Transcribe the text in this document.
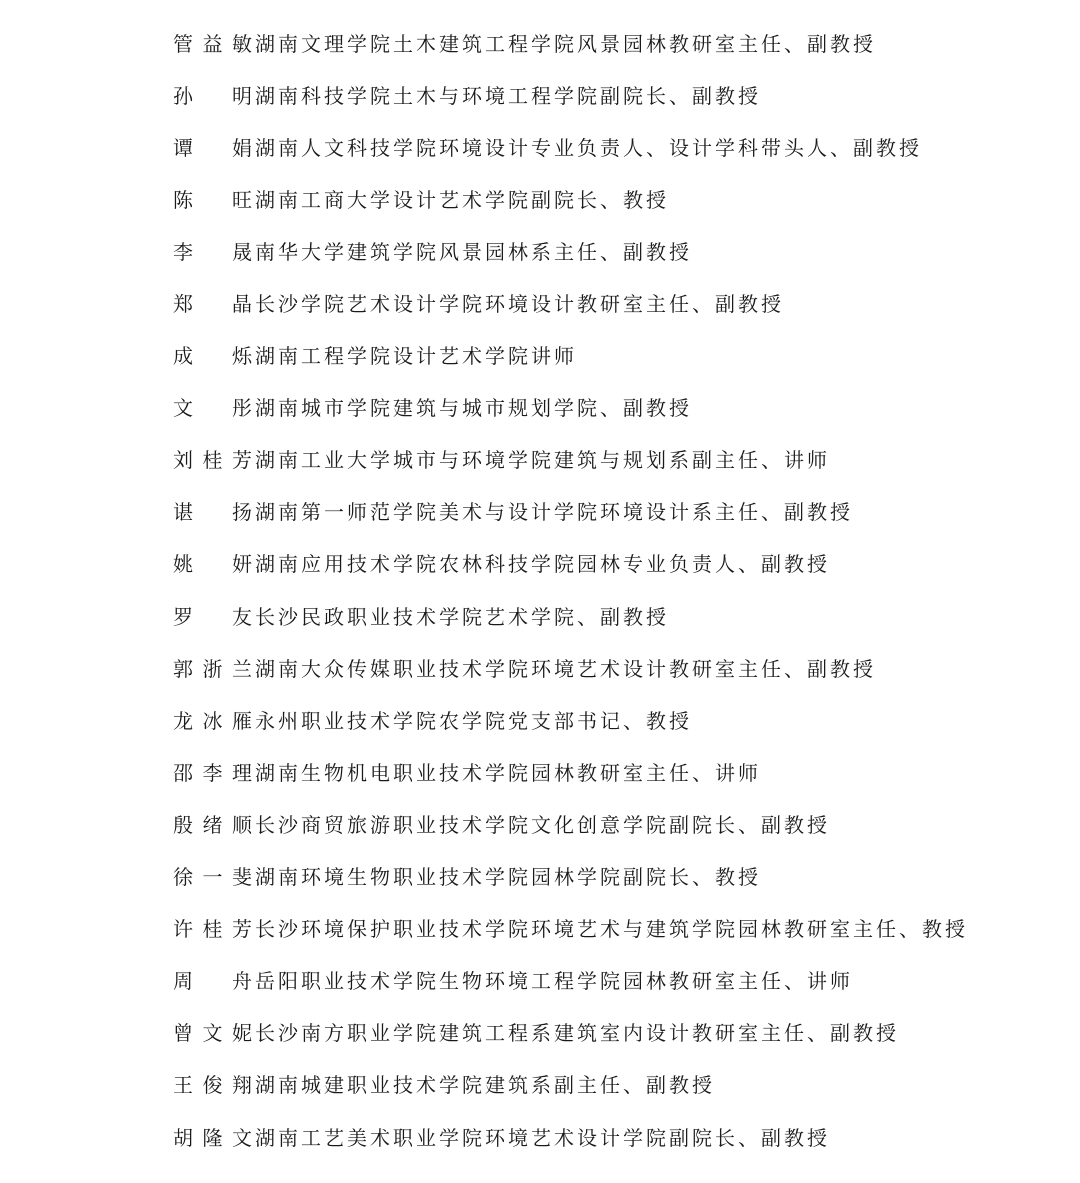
管益敏 湖南文理学院土木建筑工程学院风景园林教研室主任、副教授
孙　明 湖南科技学院土木与环境工程学院副院长、副教授
谭　娟 湖南人文科技学院环境设计专业负责人、设计学科带头人、副教授
陈　旺 湖南工商大学设计艺术学院副院长、教授
李　晟 南华大学建筑学院风景园林系主任、副教授
郑　晶 长沙学院艺术设计学院环境设计教研室主任、副教授
成　烁 湖南工程学院设计艺术学院讲师
文　彤 湖南城市学院建筑与城市规划学院、副教授
刘桂芳 湖南工业大学城市与环境学院建筑与规划系副主任、讲师
谌　扬 湖南第一师范学院美术与设计学院环境设计系主任、副教授
姚　妍 湖南应用技术学院农林科技学院园林专业负责人、副教授
罗　友 长沙民政职业技术学院艺术学院、副教授
郭浙兰 湖南大众传媒职业技术学院环境艺术设计教研室主任、副教授
龙冰雁 永州职业技术学院农学院党支部书记、教授
邵李理 湖南生物机电职业技术学院园林教研室主任、讲师
殷绪顺 长沙商贸旅游职业技术学院文化创意学院副院长、副教授
徐一斐 湖南环境生物职业技术学院园林学院副院长、教授
许桂芳 长沙环境保护职业技术学院环境艺术与建筑学院园林教研室主任、教授
周　舟 岳阳职业技术学院生物环境工程学院园林教研室主任、讲师
曾文妮 长沙南方职业学院建筑工程系建筑室内设计教研室主任、副教授
王俊翔 湖南城建职业技术学院建筑系副主任、副教授
胡隆文 湖南工艺美术职业学院环境艺术设计学院副院长、副教授
